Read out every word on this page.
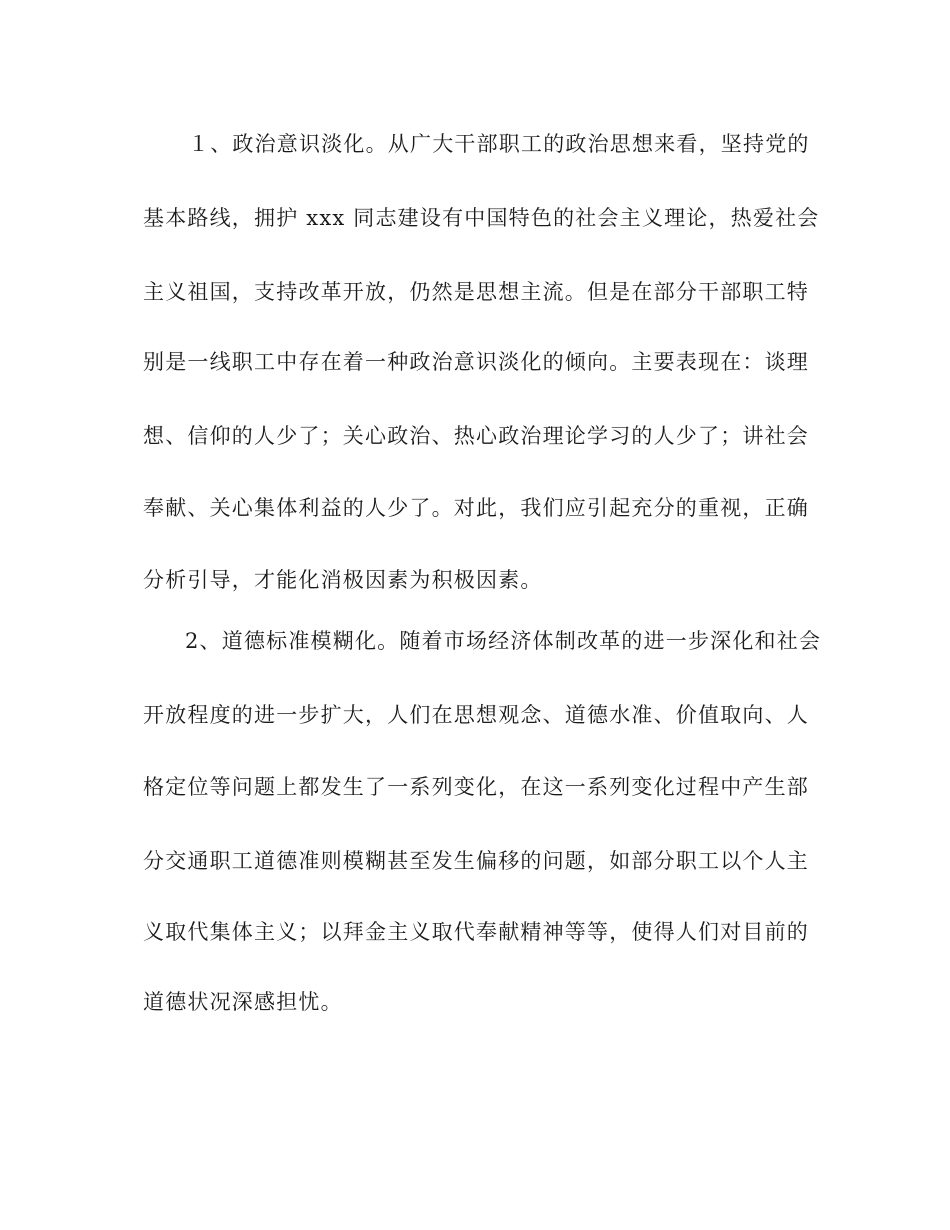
１、政治意识淡化。从广大干部职工的政治思想来看，坚持党的
基本路线，拥护 xxx 同志建设有中国特色的社会主义理论，热爱社会
主义祖国，支持改革开放，仍然是思想主流。但是在部分干部职工特
别是一线职工中存在着一种政治意识淡化的倾向。主要表现在：谈理
想、信仰的人少了；关心政治、热心政治理论学习的人少了；讲社会
奉献、关心集体利益的人少了。对此，我们应引起充分的重视，正确
分析引导，才能化消极因素为积极因素。
2、道德标准模糊化。随着市场经济体制改革的进一步深化和社会
开放程度的进一步扩大，人们在思想观念、道德水准、价值取向、人
格定位等问题上都发生了一系列变化，在这一系列变化过程中产生部
分交通职工道德准则模糊甚至发生偏移的问题，如部分职工以个人主
义取代集体主义；以拜金主义取代奉献精神等等，使得人们对目前的
道德状况深感担忧。
